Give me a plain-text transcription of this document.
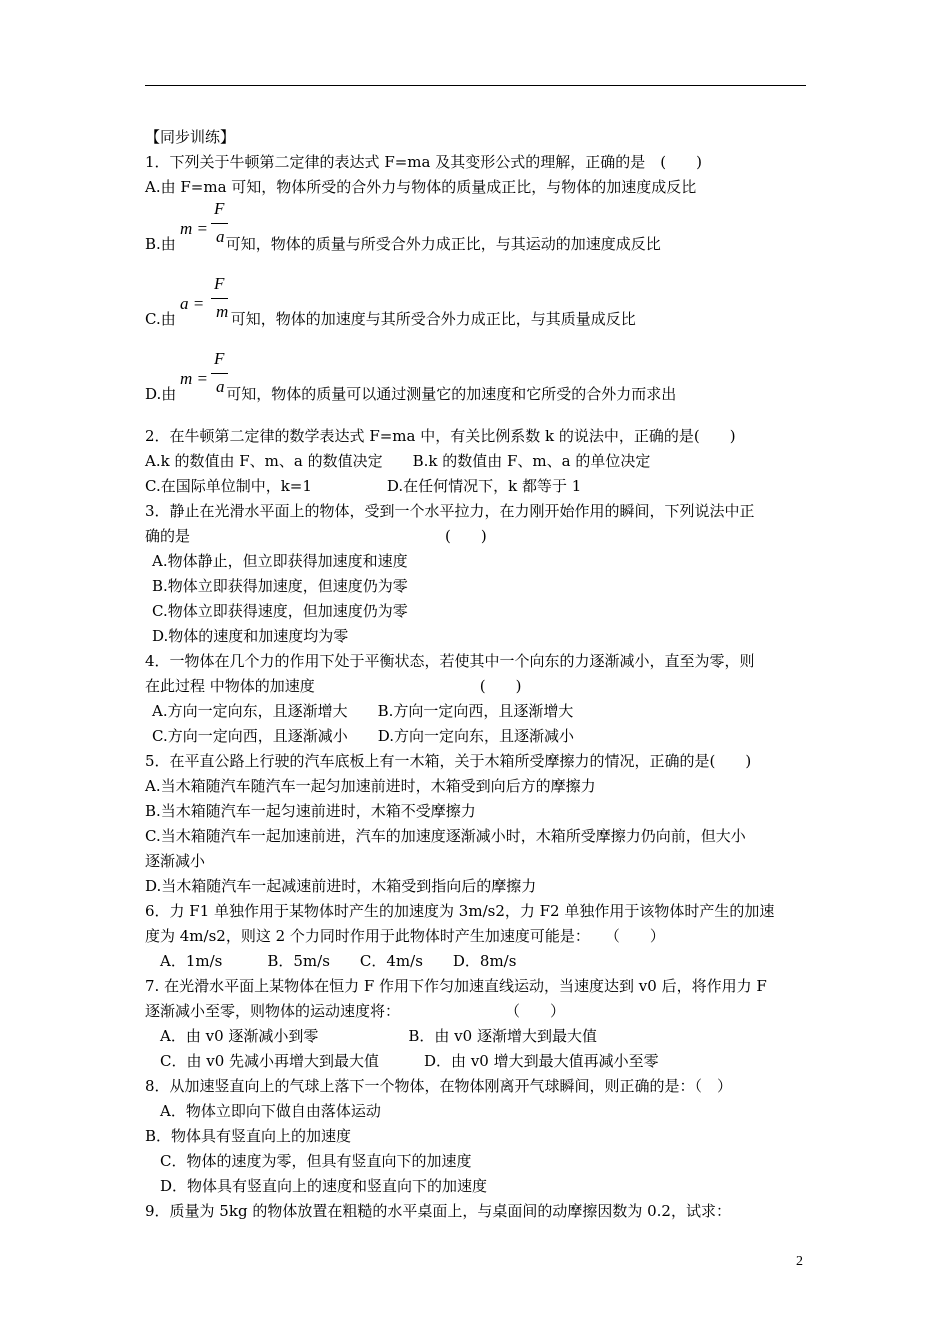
【同步训练】
1．下列关于牛顿第二定律的表达式 F=ma 及其变形公式的理解，正确的是　(　　)
A.由 F=ma 可知，物体所受的合外力与物体的质量成正比，与物体的加速度成反比
m =
F
a
B.由	可知，物体的质量与所受合外力成正比，与其运动的加速度成反比
a =
F
m
C.由	可知，物体的加速度与其所受合外力成正比，与其质量成反比
m =
F
a
D.由	可知，物体的质量可以通过测量它的加速度和它所受的合外力而求出
2．在牛顿第二定律的数学表达式 F=ma 中，有关比例系数 k 的说法中，正确的是(　　)
A.k 的数值由 F、m、a 的数值决定　　B.k 的数值由 F、m、a 的单位决定
C.在国际单位制中，k=1　　　　　D.在任何情况下，k 都等于 1
3．静止在光滑水平面上的物体，受到一个水平拉力，在力刚开始作用的瞬间，下列说法中正
确的是　　　　　　　　　　　　　　　　　(　　)
A.物体静止，但立即获得加速度和速度
B.物体立即获得加速度，但速度仍为零
C.物体立即获得速度，但加速度仍为零
D.物体的速度和加速度均为零
4．一物体在几个力的作用下处于平衡状态，若使其中一个向东的力逐渐减小，直至为零，则
在此过程 中物体的加速度　　　　　　　　　　　(　　)
A.方向一定向东，且逐渐增大　　B.方向一定向西，且逐渐增大
C.方向一定向西，且逐渐减小　　D.方向一定向东，且逐渐减小
5．在平直公路上行驶的汽车底板上有一木箱，关于木箱所受摩擦力的情况，正确的是(　　)
A.当木箱随汽车随汽车一起匀加速前进时，木箱受到向后方的摩擦力
B.当木箱随汽车一起匀速前进时，木箱不受摩擦力
C.当木箱随汽车一起加速前进，汽车的加速度逐渐减小时，木箱所受摩擦力仍向前，但大小
逐渐减小
D.当木箱随汽车一起减速前进时，木箱受到指向后的摩擦力
6．力 F1 单独作用于某物体时产生的加速度为 3m/s2，力 F2 单独作用于该物体时产生的加速
度为 4m/s2，则这 2 个力同时作用于此物体时产生加速度可能是：　　（　　）
A．1m/s　　　B．5m/s　　C．4m/s　　D．8m/s
7. 在光滑水平面上某物体在恒力 F 作用下作匀加速直线运动，当速度达到 v0 后，将作用力 F
逐渐减小至零，则物体的运动速度将：　　　　　　　　（　　）
A．由 v0 逐渐减小到零　　　　　　B．由 v0 逐渐增大到最大值
C．由 v0 先减小再增大到最大值　　　D．由 v0 增大到最大值再减小至零
8．从加速竖直向上的气球上落下一个物体，在物体刚离开气球瞬间，则正确的是：（　）
A．物体立即向下做自由落体运动
B．物体具有竖直向上的加速度
C．物体的速度为零，但具有竖直向下的加速度
D．物体具有竖直向上的速度和竖直向下的加速度
9．质量为 5kg 的物体放置在粗糙的水平桌面上，与桌面间的动摩擦因数为 0.2，试求：
2
